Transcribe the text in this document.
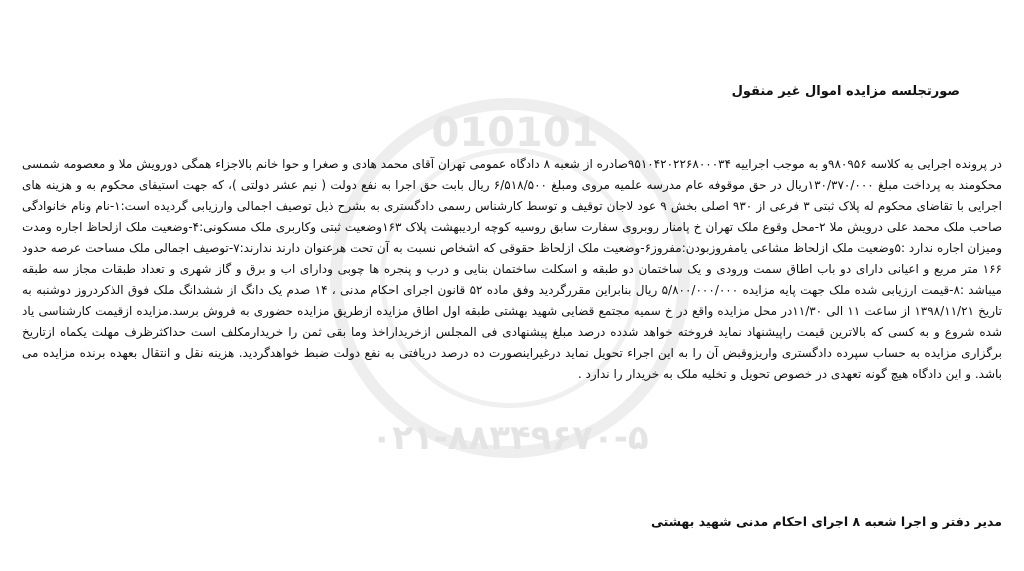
010101
۰۲۱-۸۸۳۴۹۶۷۰-۵
صورتجلسه مزایده اموال غیر منقول
در پرونده اجرایی به کلاسه ۹۸۰۹۵۶و به موجب اجراییه ۹۵۱۰۴۲۰۲۲۶۸۰۰۰۳۴صادره از شعبه ۸ دادگاه عمومی تهران آقای محمد هادی و صغرا و حوا خانم بالاجزاء همگی دورویش ملا و معصومه شمسی محکومند به پرداخت مبلغ ۱۳۰/۳۷۰/۰۰۰ریال در حق موقوفه عام مدرسه علمیه مروی ومبلغ ۶/۵۱۸/۵۰۰ ریال بابت حق اجرا به نفع دولت ( نیم عشر دولتی )، که جهت استیفای محکوم به و هزینه های اجرایی با تقاضای محکوم له پلاک ثبتی ۳ فرعی از ۹۳۰ اصلی بخش ۹ عود لاجان توقیف و توسط کارشناس رسمی دادگستری به بشرح ذیل توصیف اجمالی وارزیابی گردیده است:۱-نام ونام خانوادگی صاحب ملک محمد علی درویش ملا ۲-محل وقوع ملک تهران خ پامنار روبروی سفارت سابق روسیه کوچه اردیبهشت پلاک ۱۶۳وضعیت ثبتی وکاربری ملک مسکونی:۴-وضعیت ملک ازلحاظ اجاره ومدت ومیزان اجاره ندارد :۵وضعیت ملک ازلحاظ مشاعی یامفروزبودن:مفروز۶-وضعیت ملک ازلحاظ حقوقی که اشخاص نسبت به آن تحت هرعنوان دارند ندارند:۷-توصیف اجمالی ملک مساحت عرصه حدود ۱۶۶ متر مربع و اعیانی دارای دو باب اطاق سمت ورودی و یک ساختمان دو طبقه و اسکلت ساختمان بنایی و درب و پنجره ها چوبی ودارای اب و برق و گاز شهری و تعداد طبقات مجاز سه طبقه میباشد :۸-قیمت ارزیابی شده ملک جهت پایه مزایده ۵/۸۰۰/۰۰۰/۰۰۰ ریال بنابراین مقررگردید وفق ماده ۵۲ قانون اجرای احکام مدنی ، ۱۴ صدم یک دانگ از ششدانگ ملک فوق الذکردروز دوشنبه به تاریخ ۱۳۹۸/۱۱/۲۱ از ساعت ۱۱ الی ۱۱/۳۰در محل مزایده واقع در خ سمیه مجتمع قضایی شهید بهشتی طبقه اول اطاق مزایده ازطریق مزایده حضوری به فروش برسد.مزایده ازقیمت کارشناسی یاد شده شروع و به کسی که بالاترین قیمت راپیشنهاد نماید فروخته خواهد شدده درصد مبلغ پیشنهادی فی المجلس ازخریداراخذ وما بقی ثمن را خریدارمکلف است حداکثرظرف مهلت یکماه ازتاریخ برگزاری مزایده به حساب سپرده دادگستری واریزوقبض آن را به این اجراء تحویل نماید درغیراینصورت ده درصد دریافتی به نفع دولت ضبط خواهدگردید. هزینه نقل و انتقال بعهده برنده مزایده می باشد. و این دادگاه هیچ گونه تعهدی در خصوص تحویل و تخلیه ملک به خریدار را ندارد .
مدیر دفتر و اجرا شعبه ۸ اجرای احکام مدنی شهید بهشتی
